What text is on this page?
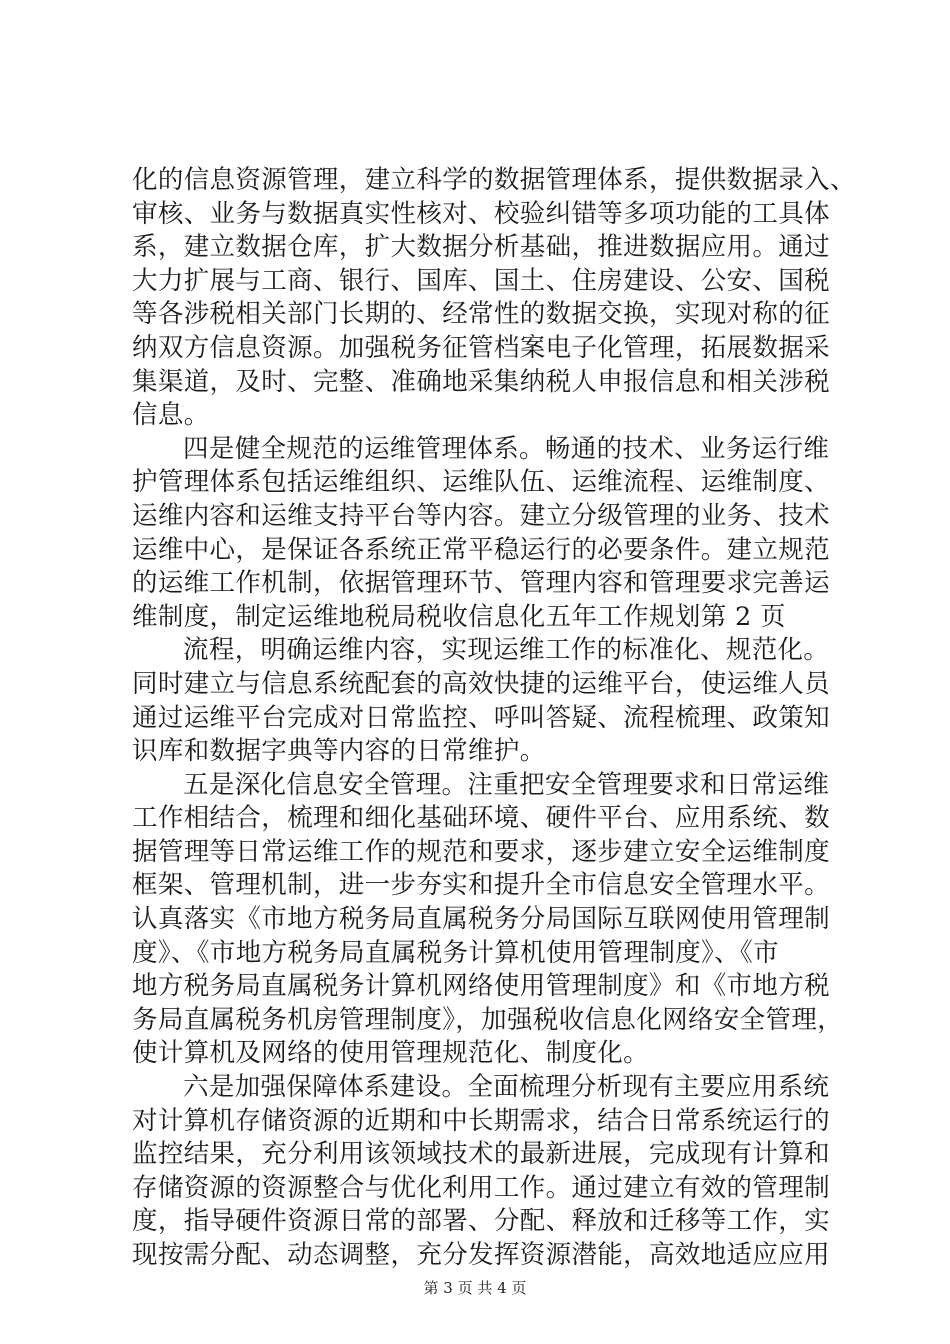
化的信息资源管理，建立科学的数据管理体系，提供数据录入、
审核、业务与数据真实性核对、校验纠错等多项功能的工具体
系，建立数据仓库，扩大数据分析基础，推进数据应用。通过
大力扩展与工商、银行、国库、国土、住房建设、公安、国税
等各涉税相关部门长期的、经常性的数据交换，实现对称的征
纳双方信息资源。加强税务征管档案电子化管理，拓展数据采
集渠道，及时、完整、准确地采集纳税人申报信息和相关涉税
信息。
四是健全规范的运维管理体系。畅通的技术、业务运行维
护管理体系包括运维组织、运维队伍、运维流程、运维制度、
运维内容和运维支持平台等内容。建立分级管理的业务、技术
运维中心，是保证各系统正常平稳运行的必要条件。建立规范
的运维工作机制，依据管理环节、管理内容和管理要求完善运
维制度，制定运维地税局税收信息化五年工作规划第 2 页
流程，明确运维内容，实现运维工作的标准化、规范化。
同时建立与信息系统配套的高效快捷的运维平台，使运维人员
通过运维平台完成对日常监控、呼叫答疑、流程梳理、政策知
识库和数据字典等内容的日常维护。
五是深化信息安全管理。注重把安全管理要求和日常运维
工作相结合，梳理和细化基础环境、硬件平台、应用系统、数
据管理等日常运维工作的规范和要求，逐步建立安全运维制度
框架、管理机制，进一步夯实和提升全市信息安全管理水平。
认真落实《市地方税务局直属税务分局国际互联网使用管理制
度》、《市地方税务局直属税务计算机使用管理制度》、《市
地方税务局直属税务计算机网络使用管理制度》和《市地方税
务局直属税务机房管理制度》，加强税收信息化网络安全管理，
使计算机及网络的使用管理规范化、制度化。
六是加强保障体系建设。全面梳理分析现有主要应用系统
对计算机存储资源的近期和中长期需求，结合日常系统运行的
监控结果，充分利用该领域技术的最新进展，完成现有计算和
存储资源的资源整合与优化利用工作。通过建立有效的管理制
度，指导硬件资源日常的部署、分配、释放和迁移等工作，实
现按需分配、动态调整，充分发挥资源潜能，高效地适应应用
第 3 页 共 4 页
